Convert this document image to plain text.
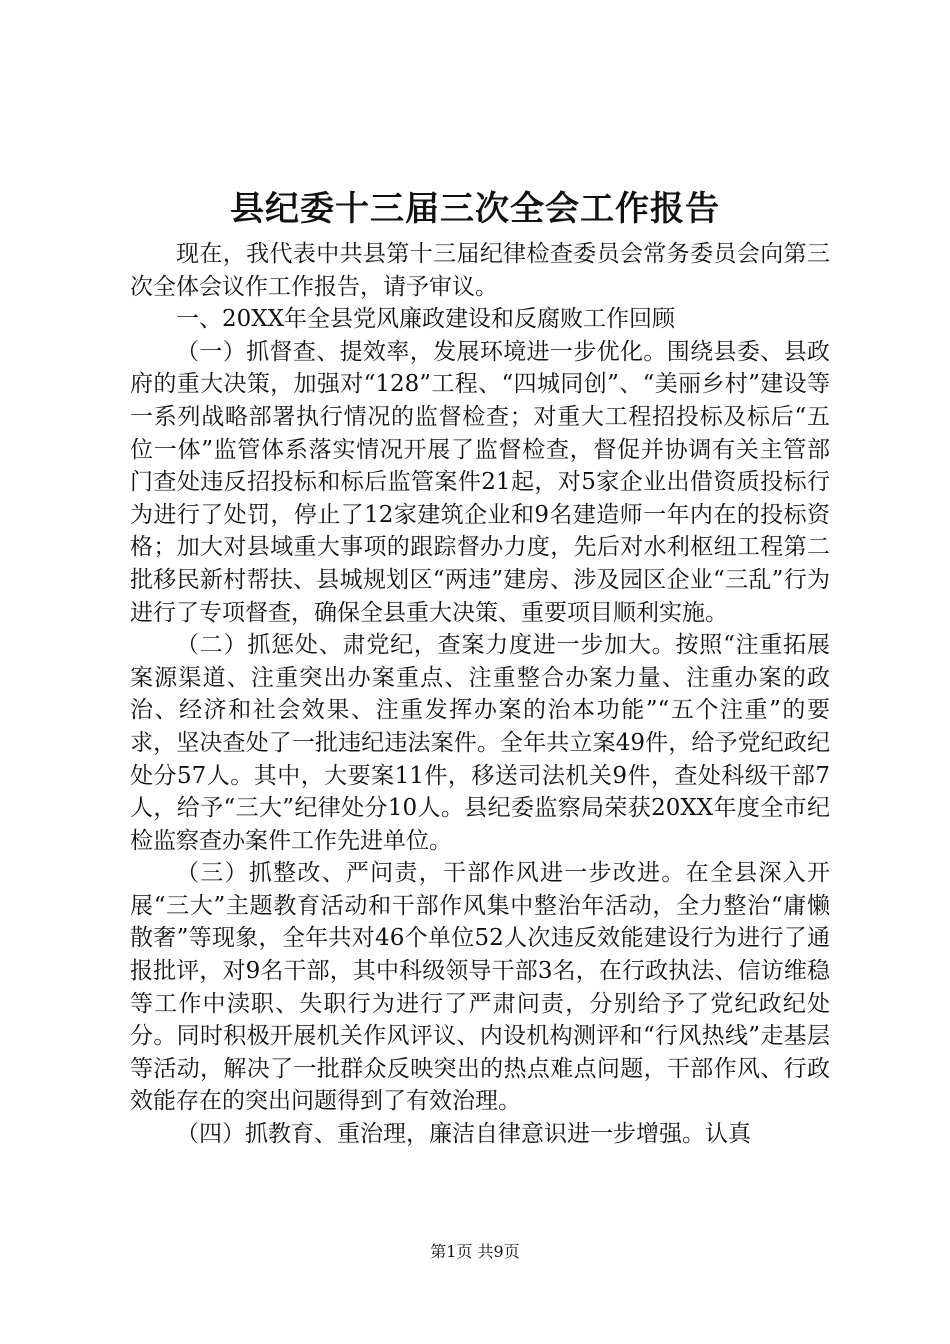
县纪委十三届三次全会工作报告

现在，我代表中共县第十三届纪律检查委员会常务委员会向第三次全体会议作工作报告，请予审议。

一、20XX年全县党风廉政建设和反腐败工作回顾

（一）抓督查、提效率，发展环境进一步优化。围绕县委、县政府的重大决策，加强对“128”工程、“四城同创”、“美丽乡村”建设等一系列战略部署执行情况的监督检查；对重大工程招投标及标后“五位一体”监管体系落实情况开展了监督检查，督促并协调有关主管部门查处违反招投标和标后监管案件21起，对5家企业出借资质投标行为进行了处罚，停止了12家建筑企业和9名建造师一年内在的投标资格；加大对县域重大事项的跟踪督办力度，先后对水利枢纽工程第二批移民新村帮扶、县城规划区“两违”建房、涉及园区企业“三乱”行为进行了专项督查，确保全县重大决策、重要项目顺利实施。

（二）抓惩处、肃党纪，查案力度进一步加大。按照“注重拓展案源渠道、注重突出办案重点、注重整合办案力量、注重办案的政治、经济和社会效果、注重发挥办案的治本功能”“五个注重”的要求，坚决查处了一批违纪违法案件。全年共立案49件，给予党纪政纪处分57人。其中，大要案11件，移送司法机关9件，查处科级干部7人，给予“三大”纪律处分10人。县纪委监察局荣获20XX年度全市纪检监察查办案件工作先进单位。

（三）抓整改、严问责，干部作风进一步改进。在全县深入开展“三大”主题教育活动和干部作风集中整治年活动，全力整治“庸懒散奢”等现象，全年共对46个单位52人次违反效能建设行为进行了通报批评，对9名干部，其中科级领导干部3名，在行政执法、信访维稳等工作中渎职、失职行为进行了严肃问责，分别给予了党纪政纪处分。同时积极开展机关作风评议、内设机构测评和“行风热线”走基层等活动，解决了一批群众反映突出的热点难点问题，干部作风、行政效能存在的突出问题得到了有效治理。

（四）抓教育、重治理，廉洁自律意识进一步增强。认真

第1页 共9页
